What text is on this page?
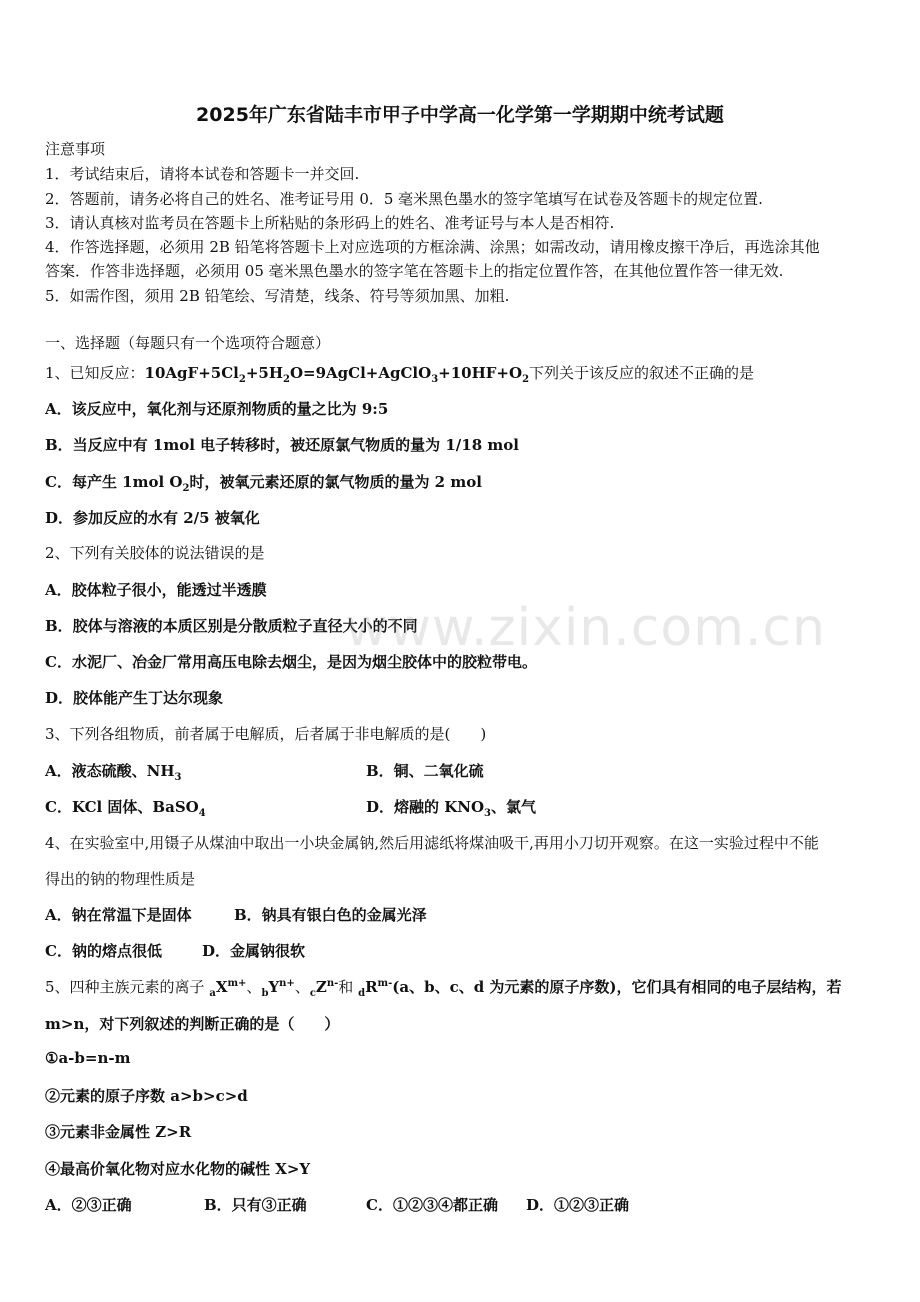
2025年广东省陆丰市甲子中学高一化学第一学期期中统考试题
注意事项
1．考试结束后，请将本试卷和答题卡一并交回.
2．答题前，请务必将自己的姓名、准考证号用 0．5 毫米黑色墨水的签字笔填写在试卷及答题卡的规定位置.
3．请认真核对监考员在答题卡上所粘贴的条形码上的姓名、准考证号与本人是否相符.
4．作答选择题，必须用 2B 铅笔将答题卡上对应选项的方框涂满、涂黑；如需改动，请用橡皮擦干净后，再选涂其他
答案．作答非选择题，必须用 05 毫米黑色墨水的签字笔在答题卡上的指定位置作答，在其他位置作答一律无效.
5．如需作图，须用 2B 铅笔绘、写清楚，线条、符号等须加黑、加粗.
一、选择题（每题只有一个选项符合题意）
1、已知反应：$10AgF+5Cl_2+5H_2O=9AgCl+AgClO_3+10HF+O_2$下列关于该反应的叙述不正确的是
A．该反应中，氧化剂与还原剂物质的量之比为 9:5
B．当反应中有 1mol 电子转移时，被还原氯气物质的量为 1/18 mol
C．每产生 1mol $O_2$时，被氧元素还原的氯气物质的量为 2 mol
D．参加反应的水有 2/5 被氧化
2、下列有关胶体的说法错误的是
A．胶体粒子很小，能透过半透膜
B．胶体与溶液的本质区别是分散质粒子直径大小的不同
C．水泥厂、冶金厂常用高压电除去烟尘，是因为烟尘胶体中的胶粒带电。
D．胶体能产生丁达尔现象
3、下列各组物质，前者属于电解质，后者属于非电解质的是(　　)
A．液态硫酸、$NH_3$	B．铜、二氧化硫
C．KCl 固体、BaSO$_4$	D．熔融的 $KNO_3$、氯气
4、在实验室中,用镊子从煤油中取出一小块金属钠,然后用滤纸将煤油吸干,再用小刀切开观察。在这一实验过程中不能
得出的钠的物理性质是
A．钠在常温下是固体	B．钠具有银白色的金属光泽
C．钠的熔点很低	D．金属钠很软
5、四种主族元素的离子 $_aX^{m+}$、$_bY^{n+}$、$_cZ^{n-}$和 $_dR^{m-}(a$、b、c、d 为元素的原子序数)，它们具有相同的电子层结构，若
m>n，对下列叙述的判断正确的是（　　）
①a-b=n-m
②元素的原子序数 a>b>c>d
③元素非金属性 Z>R
④最高价氧化物对应水化物的碱性 X>Y
A．②③正确	B．只有③正确	C．①②③④都正确 D．①②③正确
www.zixin.com.cn
